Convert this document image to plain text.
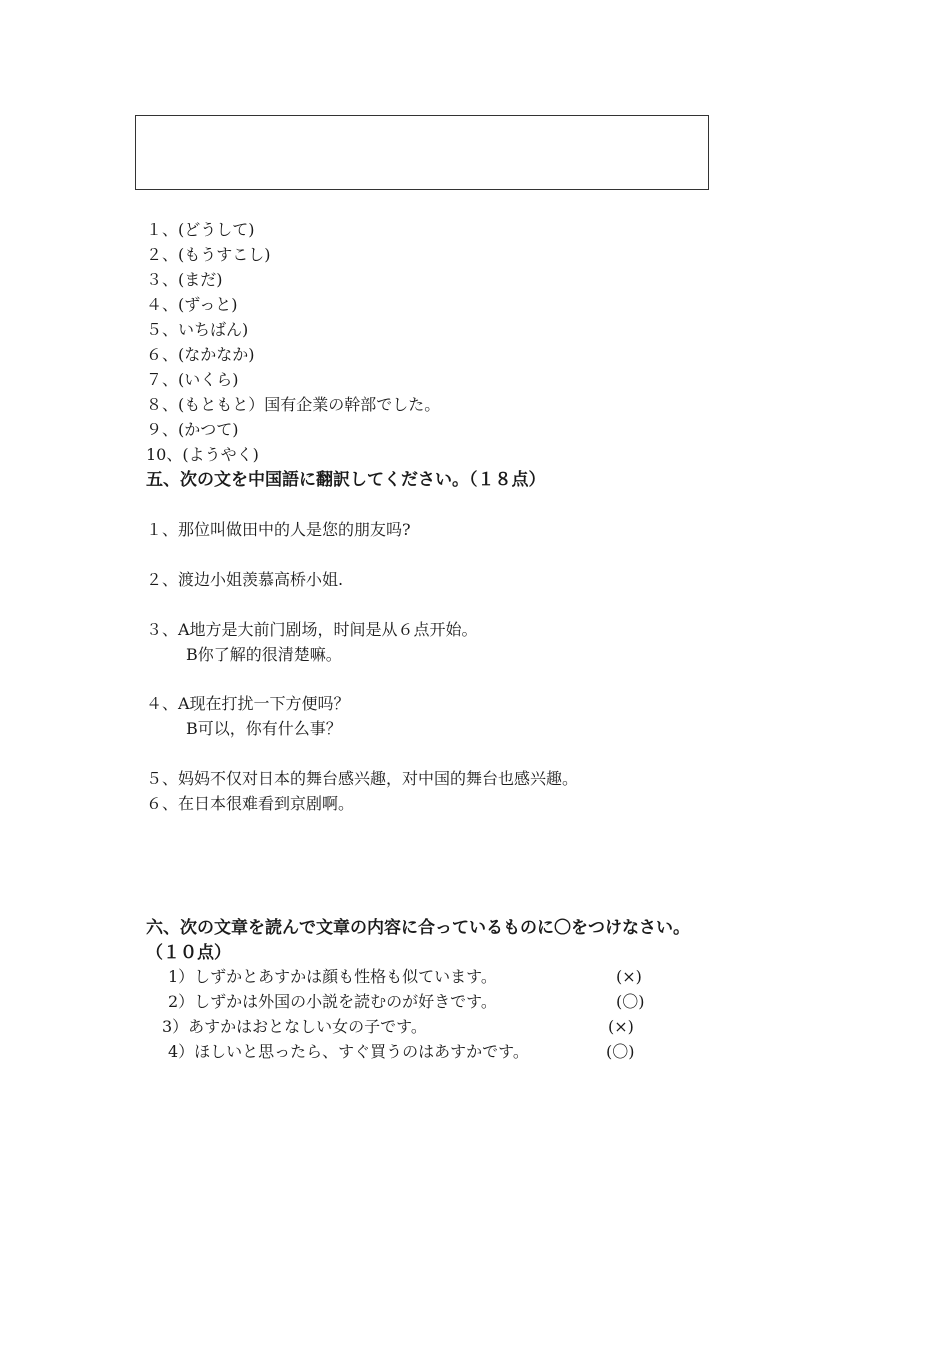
１、(どうして)
２、(もうすこし)
３、(まだ)
４、(ずっと)
５、いちばん)
６、(なかなか)
７、(いくら)
８、(もともと）国有企業の幹部でした。
９、(かつて)
10、(ようやく)
五、次の文を中国語に翻訳してください。（１８点）
１、那位叫做田中的人是您的朋友吗?
２、渡边小姐羡慕高桥小姐.
３、A地方是大前门剧场，时间是从６点开始。
B你了解的很清楚嘛。
４、A现在打扰一下方便吗？
B可以，你有什么事？
５、妈妈不仅对日本的舞台感兴趣，对中国的舞台也感兴趣。
６、在日本很难看到京剧啊。
六、次の文章を読んで文章の内容に合っているものに〇をつけなさい。
（１０点）
1）しずかとあすかは顔も性格も似ています。	(×)
2）しずかは外国の小説を読むのが好きです。	(〇)
3）あすかはおとなしい女の子です。	(×)
4）ほしいと思ったら、すぐ買うのはあすかです。	(〇)
